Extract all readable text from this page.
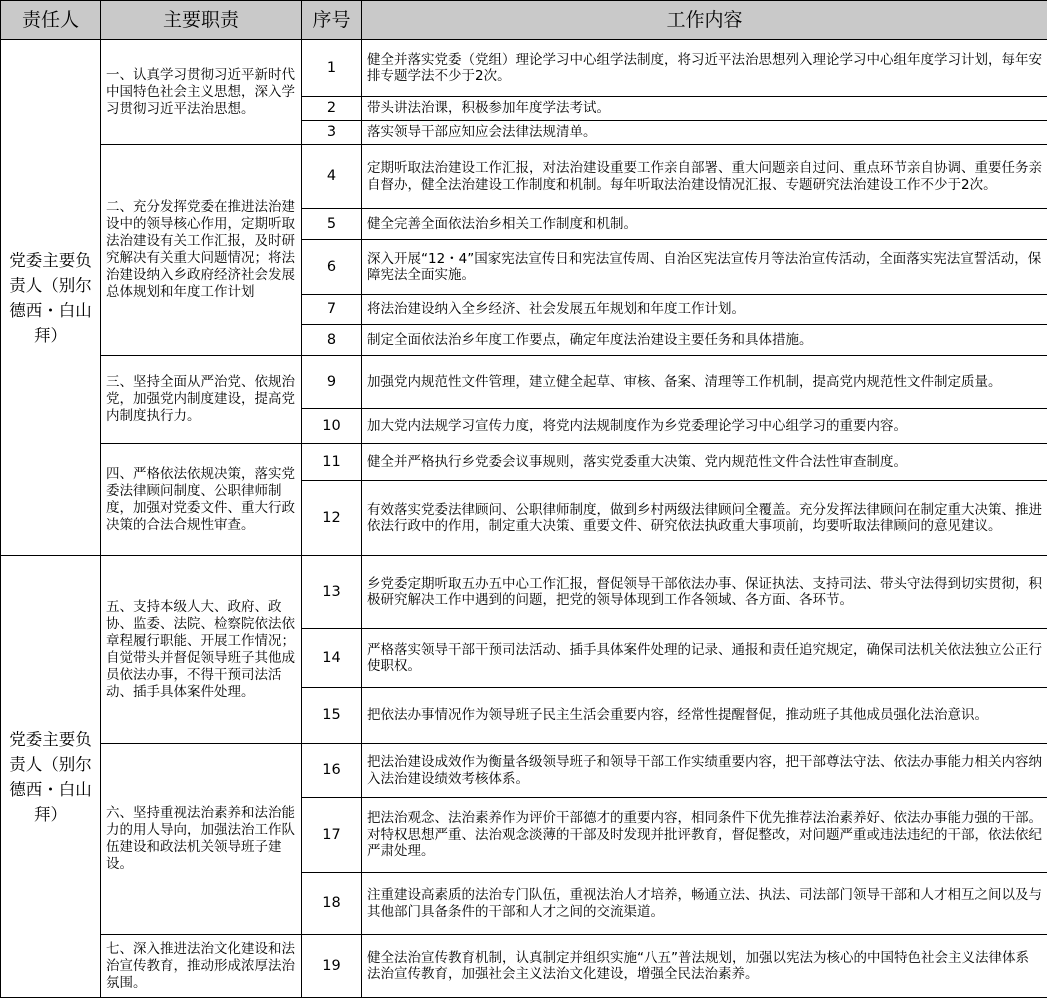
责任人	主要职责	序号	工作内容
党委主要负责人（别尔德西・白山拜）	一、认真学习贯彻习近平新时代中国特色社会主义思想，深入学习贯彻习近平法治思想。	1	健全并落实党委（党组）理论学习中心组学法制度，将习近平法治思想列入理论学习中心组年度学习计划，每年安排专题学法不少于2次。
		2	带头讲法治课，积极参加年度学法考试。
		3	落实领导干部应知应会法律法规清单。
	二、充分发挥党委在推进法治建设中的领导核心作用，定期听取法治建设有关工作汇报，及时研究解决有关重大问题情况；将法治建设纳入乡政府经济社会发展总体规划和年度工作计划	4	定期听取法治建设工作汇报，对法治建设重要工作亲自部署、重大问题亲自过问、重点环节亲自协调、重要任务亲自督办，健全法治建设工作制度和机制。每年听取法治建设情况汇报、专题研究法治建设工作不少于2次。
		5	健全完善全面依法治乡相关工作制度和机制。
		6	深入开展“12・4”国家宪法宣传日和宪法宣传周、自治区宪法宣传月等法治宣传活动，全面落实宪法宣誓活动，保障宪法全面实施。
		7	将法治建设纳入全乡经济、社会发展五年规划和年度工作计划。
		8	制定全面依法治乡年度工作要点，确定年度法治建设主要任务和具体措施。
	三、坚持全面从严治党、依规治党，加强党内制度建设，提高党内制度执行力。	9	加强党内规范性文件管理，建立健全起草、审核、备案、清理等工作机制，提高党内规范性文件制定质量。
		10	加大党内法规学习宣传力度，将党内法规制度作为乡党委理论学习中心组学习的重要内容。
	四、严格依法依规决策，落实党委法律顾问制度、公职律师制度，加强对党委文件、重大行政决策的合法合规性审查。	11	健全并严格执行乡党委会议事规则，落实党委重大决策、党内规范性文件合法性审查制度。
		12	有效落实党委法律顾问、公职律师制度，做到乡村两级法律顾问全覆盖。充分发挥法律顾问在制定重大决策、推进依法行政中的作用，制定重大决策、重要文件、研究依法执政重大事项前，均要听取法律顾问的意见建议。
党委主要负责人（别尔德西・白山拜）	五、支持本级人大、政府、政协、监委、法院、检察院依法依章程履行职能、开展工作情况；自觉带头并督促领导班子其他成员依法办事，不得干预司法活动、插手具体案件处理。	13	乡党委定期听取五办五中心工作汇报，督促领导干部依法办事、保证执法、支持司法、带头守法得到切实贯彻，积极研究解决工作中遇到的问题，把党的领导体现到工作各领域、各方面、各环节。
		14	严格落实领导干部干预司法活动、插手具体案件处理的记录、通报和责任追究规定，确保司法机关依法独立公正行使职权。
		15	把依法办事情况作为领导班子民主生活会重要内容，经常性提醒督促，推动班子其他成员强化法治意识。
	六、坚持重视法治素养和法治能力的用人导向，加强法治工作队伍建设和政法机关领导班子建设。	16	把法治建设成效作为衡量各级领导班子和领导干部工作实绩重要内容，把干部尊法守法、依法办事能力相关内容纳入法治建设绩效考核体系。
		17	把法治观念、法治素养作为评价干部德才的重要内容，相同条件下优先推荐法治素养好、依法办事能力强的干部。对特权思想严重、法治观念淡薄的干部及时发现并批评教育，督促整改，对问题严重或违法违纪的干部，依法依纪严肃处理。
		18	注重建设高素质的法治专门队伍，重视法治人才培养，畅通立法、执法、司法部门领导干部和人才相互之间以及与其他部门具备条件的干部和人才之间的交流渠道。
	七、深入推进法治文化建设和法治宣传教育，推动形成浓厚法治氛围。	19	健全法治宣传教育机制，认真制定并组织实施“八五”普法规划，加强以宪法为核心的中国特色社会主义法律体系法治宣传教育，加强社会主义法治文化建设，增强全民法治素养。
